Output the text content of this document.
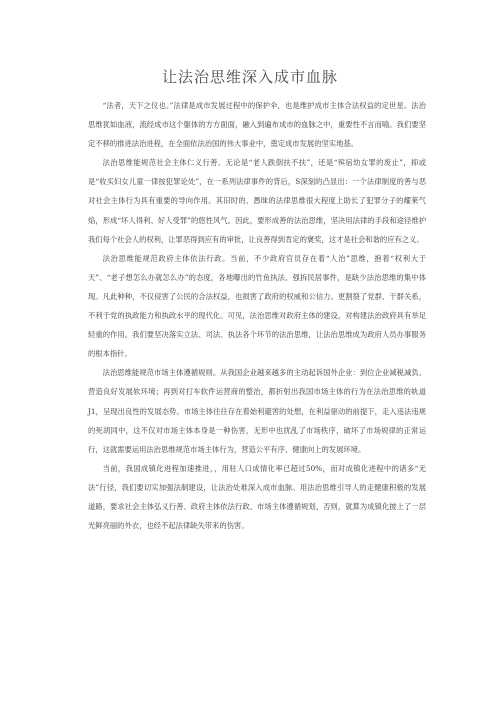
让法治思维深入成市血脉

“法者，天下之仪也。”法律是成市发展过程中的保护伞，也是维护成市主体合法权益的定世星。法治思维犹如血液，流经成市这个躯体的方方面面，融入到遍布成市的血脉之中，重要性不言而喻。我们要坚定不移的推进法治进程，在全面依法治国的伟大事业中，奠定成市发展的坚实地基。

法治思维能规范社会主体仁义行善。无论是“老人跌倒扶不扶”，还是“殡宿幼女罪的废止”，抑或是“收买妇女儿童一律按犯罪论处”，在一系列法律事件的背后，S深刻的凸显出：一个法律制度的善与恶对社会主体行为具有重要的导向作用。其旧时的、愚昧的法律思维很大程度上助长了犯罪分子的耀莱气焰，形成“坏人得利、好人受罪”的悠性风气。因此，要形成善的法治思维，坚决用法律的手段和途径维护我们每个社会人的权利，让罪恶得到应有的审批，让良善得到肯定的褒奖，这才是社会和谐的应有之义。

法治思维能规范政府主体依法行政。当前，不少政府官员存在着“人治”思维，抱着“权利大于天”、“老子想怎么办就怎么办”的态度，各地曝出的竹鱼执法、强拆民居事件，是缺少法治思维的集中体现。凡此种种，不仅侵害了公民的合法权益，也损害了政府的权威和公信力。更割裂了党群、干群关系，不利于党的执政能力和执政水平的现代化。可见，法治思维对政府主体的建设，对构建法治政府具有举足轻重的作用。我们要坚决落实立法、司法、执法各个环节的法治思维，让法治思维成为政府人员办事服务的根本指针。

法治思维能规范市场主体遵循规则。从我国企业越来越多的主动起诉国外企业：到位企业减税减负、营造良好发展软环境；再到对打车软件运营商的整治，都折射出我国市场主体的行为在法治思维的轨道J1，呈现出良性的发展态势。市场主体往往存在着始利避害的处想，在利益驱动的前提下，走入违法违规的死胡同中，这不仅对市场主体本身是一种伤害，无形中也扰乱了市场秩序，破坏了市场规律的正常运行，这就需要运用法治思维规范市场主体行为，营造公平有序、健康向上的发展环境。

当前，我国成镇化进程加速推进，，用驻人口成情化率已超过50%，而对成镇化进程中的诸多“无法”行径，我们要切实加强法制建设，让法治处难深入成市血脉。用法治思维引导人的走健康积极的发展道路，要求社会主体弘义行善、政府主体依法行政、市场主体遵循规划，否则，就算为成镇化披上了一层光鲜亮丽的外衣，也经不起法律缺失带来的伤害。
